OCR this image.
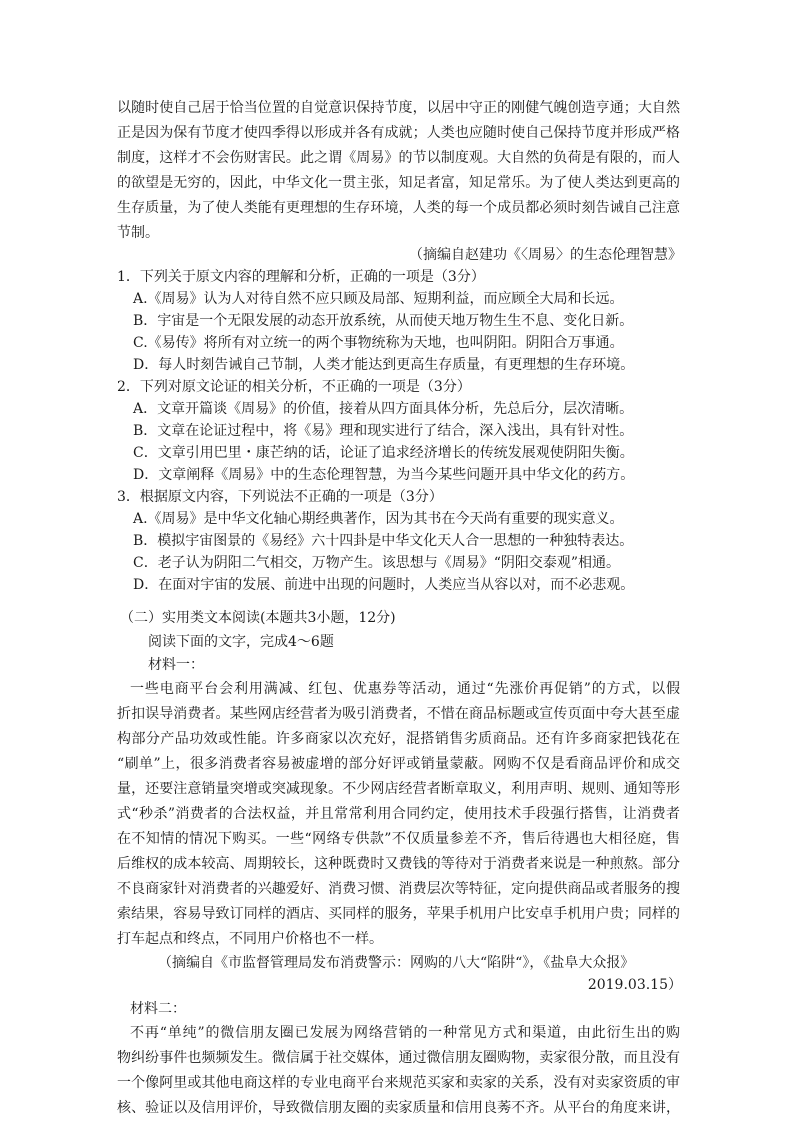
以随时使自己居于恰当位置的自觉意识保持节度，以居中守正的刚健气魄创造亨通；大自然
正是因为保有节度才使四季得以形成并各有成就；人类也应随时使自己保持节度并形成严格
制度，这样才不会伤财害民。此之谓《周易》的节以制度观。大自然的负荷是有限的，而人
的欲望是无穷的，因此，中华文化一贯主张，知足者富，知足常乐。为了使人类达到更高的
生存质量，为了使人类能有更理想的生存环境，人类的每一个成员都必须时刻告诫自己注意
节制。
（摘编自赵建功《〈周易〉的生态伦理智慧》
1．下列关于原文内容的理解和分析，正确的一项是（3分）
A.《周易》认为人对待自然不应只顾及局部、短期利益，而应顾全大局和长远。
B．宇宙是一个无限发展的动态开放系统，从而使天地万物生生不息、变化日新。
C.《易传》将所有对立统一的两个事物统称为天地，也叫阴阳。阴阳合万事通。
D．每人时刻告诫自己节制，人类才能达到更高生存质量，有更理想的生存环境。
2．下列对原文论证的相关分析，不正确的一项是（3分）
A．文章开篇谈《周易》的价值，接着从四方面具体分析，先总后分，层次清晰。
B．文章在论证过程中，将《易》理和现实进行了结合，深入浅出，具有针对性。
C．文章引用巴里・康芒纳的话，论证了追求经济增长的传统发展观使阴阳失衡。
D．文章阐释《周易》中的生态伦理智慧，为当今某些问题开具中华文化的药方。
3．根据原文内容，下列说法不正确的一项是（3分）
A.《周易》是中华文化轴心期经典著作，因为其书在今天尚有重要的现实意义。
B．模拟宇宙图景的《易经》六十四卦是中华文化天人合一思想的一种独特表达。
C．老子认为阴阳二气相交，万物产生。该思想与《周易》“阴阳交泰观”相通。
D．在面对宇宙的发展、前进中出现的问题时，人类应当从容以对，而不必悲观。
（二）实用类文本阅读(本题共3小题，12分)
阅读下面的文字，完成4～6题
材料一：
一些电商平台会利用满减、红包、优惠券等活动，通过“先涨价再促销”的方式，以假
折扣误导消费者。某些网店经营者为吸引消费者，不惜在商品标题或宣传页面中夸大甚至虚
构部分产品功效或性能。许多商家以次充好，混搭销售劣质商品。还有许多商家把钱花在
“刷单”上，很多消费者容易被虚增的部分好评或销量蒙蔽。网购不仅是看商品评价和成交
量，还要注意销量突增或突减现象。不少网店经营者断章取义，利用声明、规则、通知等形
式“秒杀”消费者的合法权益，并且常常利用合同约定，使用技术手段强行搭售，让消费者
在不知情的情况下购买。一些“网络专供款”不仅质量参差不齐，售后待遇也大相径庭，售
后维权的成本较高、周期较长，这种既费时又费钱的等待对于消费者来说是一种煎熬。部分
不良商家针对消费者的兴趣爱好、消费习惯、消费层次等特征，定向提供商品或者服务的搜
索结果，容易导致订同样的酒店、买同样的服务，苹果手机用户比安卓手机用户贵；同样的
打车起点和终点，不同用户价格也不一样。
（摘编自《市监督管理局发布消费警示：网购的八大“陷阱“》，《盐阜大众报》
2019.03.15）
材料二：
不再“单纯”的微信朋友圈已发展为网络营销的一种常见方式和渠道，由此衍生出的购
物纠纷事件也频频发生。微信属于社交媒体，通过微信朋友圈购物，卖家很分散，而且没有
一个像阿里或其他电商这样的专业电商平台来规范买家和卖家的关系，没有对卖家资质的审
核、验证以及信用评价，导致微信朋友圈的卖家质量和信用良莠不齐。从平台的角度来讲，
